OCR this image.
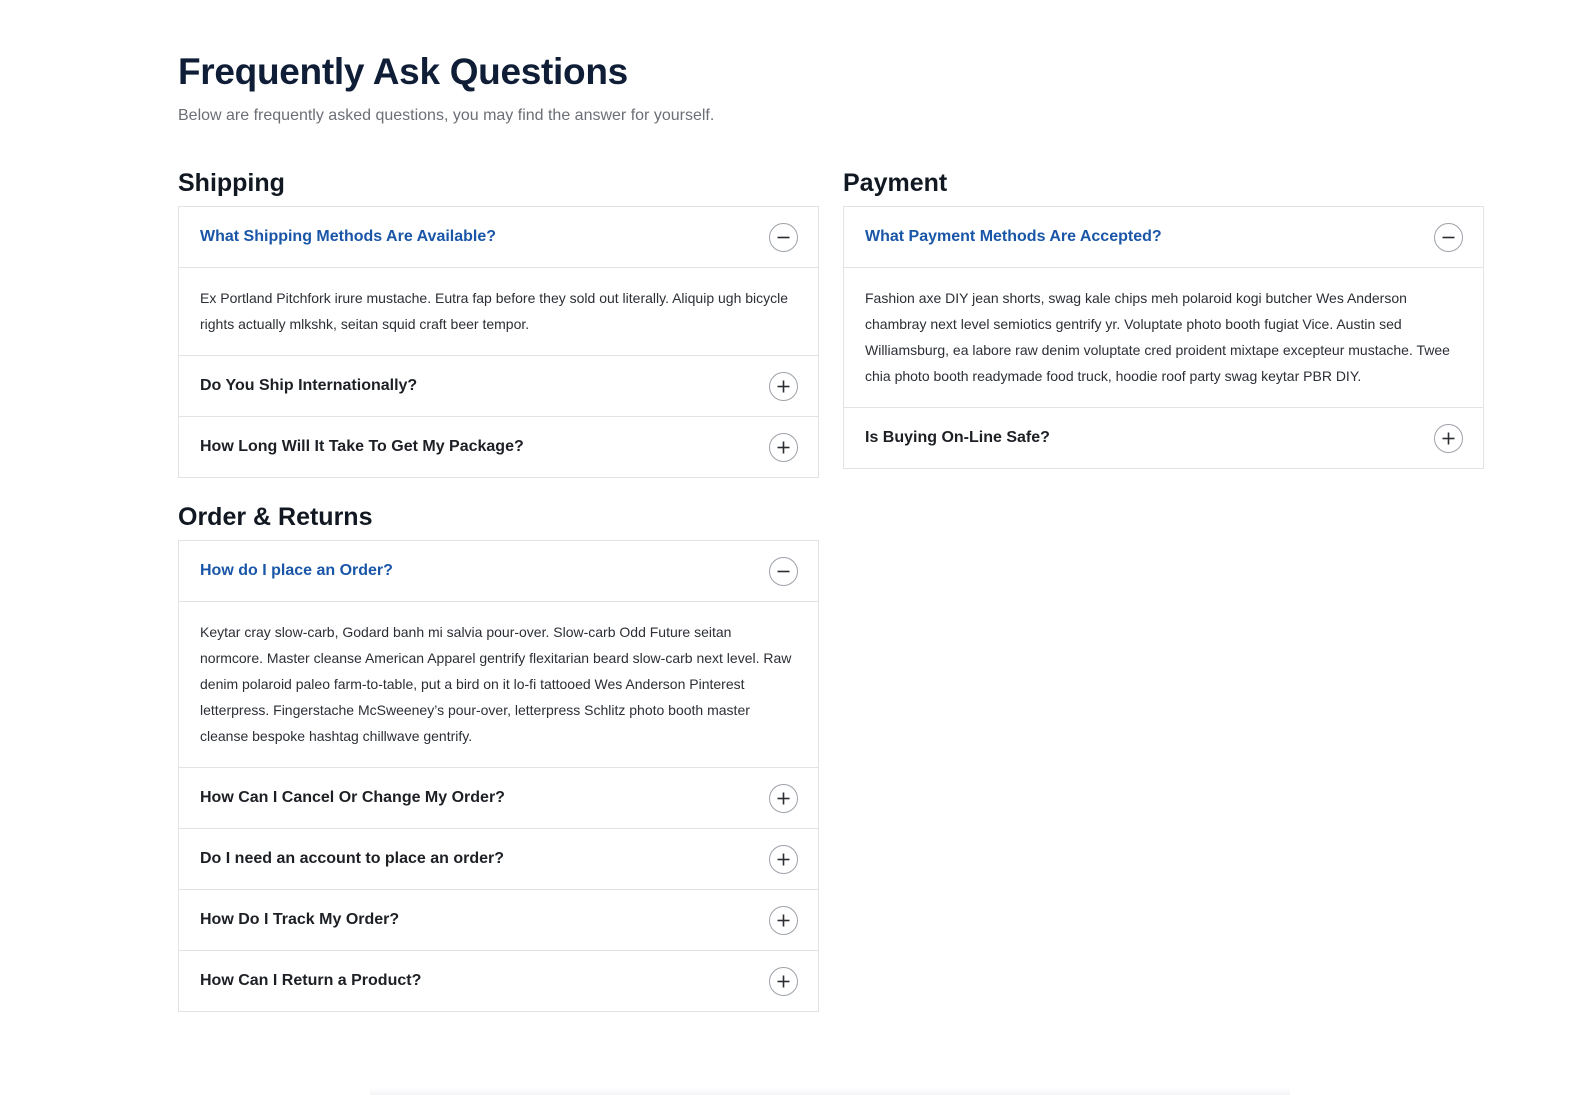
Frequently Ask Questions

Below are frequently asked questions, you may find the answer for yourself.

Shipping
What Shipping Methods Are Available?
Ex Portland Pitchfork irure mustache. Eutra fap before they sold out literally. Aliquip ugh bicycle rights actually mlkshk, seitan squid craft beer tempor.
Do You Ship Internationally?
How Long Will It Take To Get My Package?
Order & Returns
How do I place an Order?
Keytar cray slow-carb, Godard banh mi salvia pour-over. Slow-carb Odd Future seitan normcore. Master cleanse American Apparel gentrify flexitarian beard slow-carb next level. Raw denim polaroid paleo farm-to-table, put a bird on it lo-fi tattooed Wes Anderson Pinterest letterpress. Fingerstache McSweeney’s pour-over, letterpress Schlitz photo booth master cleanse bespoke hashtag chillwave gentrify.
How Can I Cancel Or Change My Order?
Do I need an account to place an order?
How Do I Track My Order?
How Can I Return a Product?
Payment
What Payment Methods Are Accepted?
Fashion axe DIY jean shorts, swag kale chips meh polaroid kogi butcher Wes Anderson chambray next level semiotics gentrify yr. Voluptate photo booth fugiat Vice. Austin sed Williamsburg, ea labore raw denim voluptate cred proident mixtape excepteur mustache. Twee chia photo booth readymade food truck, hoodie roof party swag keytar PBR DIY.
Is Buying On-Line Safe?
